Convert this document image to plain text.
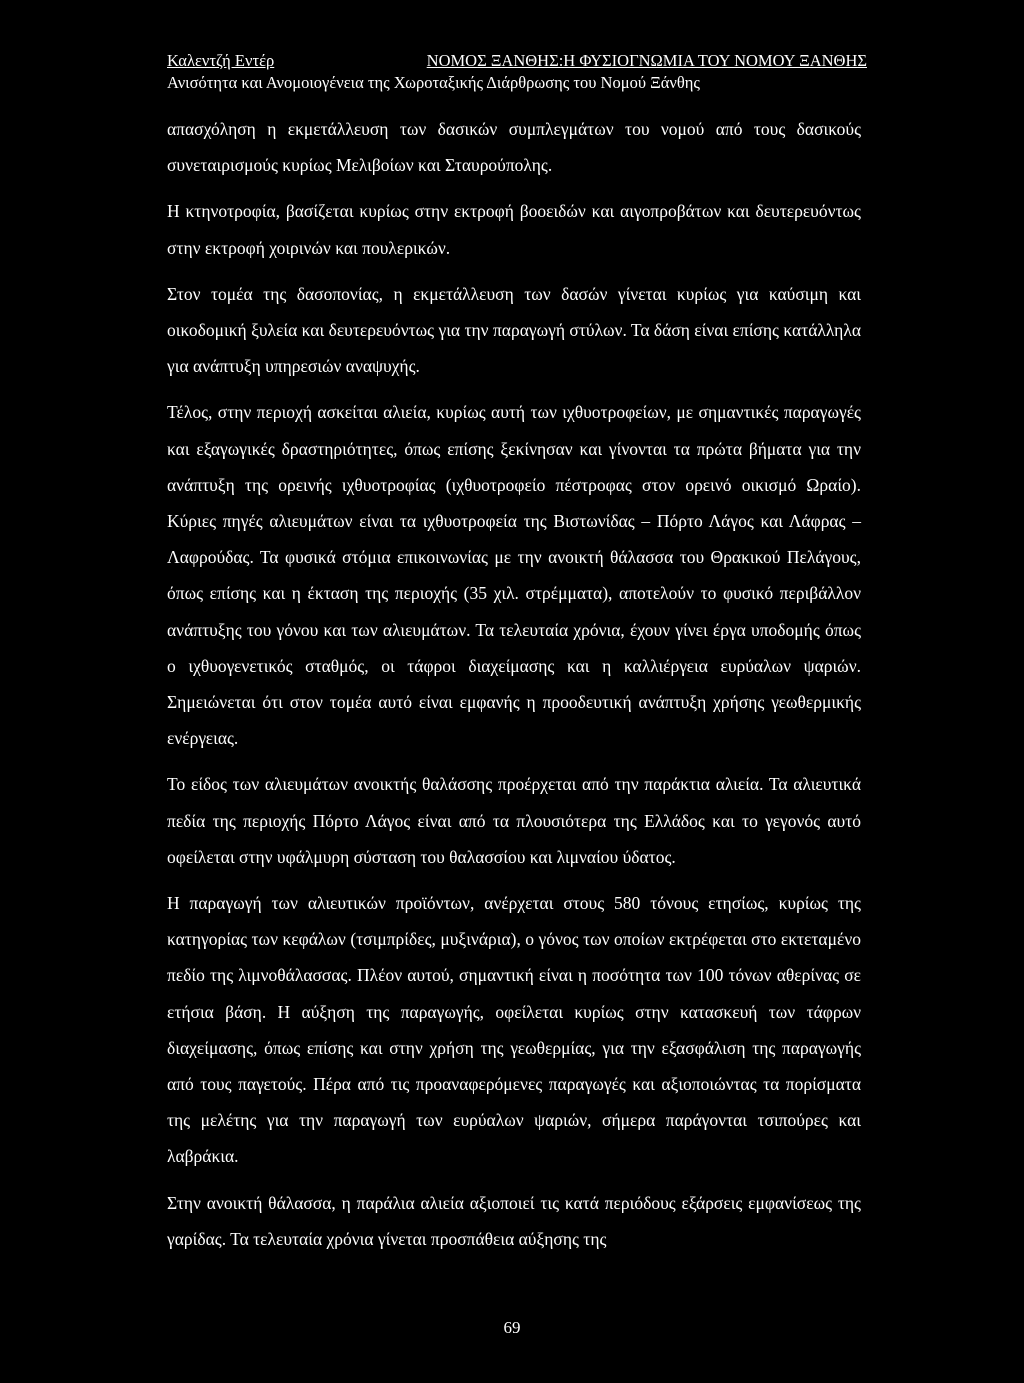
Καλεντζή Εντέρ	ΝΟΜΟΣ ΞΑΝΘΗΣ:Η ΦΥΣΙΟΓΝΩΜΙΑ ΤΟΥ ΝΟΜΟΥ ΞΑΝΘΗΣ
Ανισότητα και Ανομοιογένεια της Χωροταξικής Διάρθρωσης του Νομού Ξάνθης

απασχόληση η εκμετάλλευση των δασικών συμπλεγμάτων του νομού από τους δασικούς συνεταιρισμούς κυρίως Μελιβοίων και Σταυρούπολης.

Η κτηνοτροφία, βασίζεται κυρίως στην εκτροφή βοοειδών και αιγοπροβάτων και δευτερευόντως στην εκτροφή χοιρινών και πουλερικών.

Στον τομέα της δασοπονίας, η εκμετάλλευση των δασών γίνεται κυρίως για καύσιμη και οικοδομική ξυλεία και δευτερευόντως για την παραγωγή στύλων. Τα δάση είναι επίσης κατάλληλα για ανάπτυξη υπηρεσιών αναψυχής.

Τέλος, στην περιοχή ασκείται αλιεία, κυρίως αυτή των ιχθυοτροφείων, με σημαντικές παραγωγές και εξαγωγικές δραστηριότητες, όπως επίσης ξεκίνησαν και γίνονται τα πρώτα βήματα για την ανάπτυξη της ορεινής ιχθυοτροφίας (ιχθυοτροφείο πέστροφας στον ορεινό οικισμό Ωραίο). Κύριες πηγές αλιευμάτων είναι τα ιχθυοτροφεία της Βιστωνίδας – Πόρτο Λάγος και Λάφρας – Λαφρούδας. Τα φυσικά στόμια επικοινωνίας με την ανοικτή θάλασσα του Θρακικού Πελάγους, όπως επίσης και η έκταση της περιοχής (35 χιλ. στρέμματα), αποτελούν το φυσικό περιβάλλον ανάπτυξης του γόνου και των αλιευμάτων. Τα τελευταία χρόνια, έχουν γίνει έργα υποδομής όπως ο ιχθυογενετικός σταθμός, οι τάφροι διαχείμασης και η καλλιέργεια ευρύαλων ψαριών. Σημειώνεται ότι στον τομέα αυτό είναι εμφανής η προοδευτική ανάπτυξη χρήσης γεωθερμικής ενέργειας.

Το είδος των αλιευμάτων ανοικτής θαλάσσης προέρχεται από την παράκτια αλιεία. Τα αλιευτικά πεδία της περιοχής Πόρτο Λάγος είναι από τα πλουσιότερα της Ελλάδος και το γεγονός αυτό οφείλεται στην υφάλμυρη σύσταση του θαλασσίου και λιμναίου ύδατος.

Η παραγωγή των αλιευτικών προϊόντων, ανέρχεται στους 580 τόνους ετησίως, κυρίως της κατηγορίας των κεφάλων (τσιμπρίδες, μυξινάρια), ο γόνος των οποίων εκτρέφεται στο εκτεταμένο πεδίο της λιμνοθάλασσας. Πλέον αυτού, σημαντική είναι η ποσότητα των 100 τόνων αθερίνας σε ετήσια βάση. Η αύξηση της παραγωγής, οφείλεται κυρίως στην κατασκευή των τάφρων διαχείμασης, όπως επίσης και στην χρήση της γεωθερμίας, για την εξασφάλιση της παραγωγής από τους παγετούς. Πέρα από τις προαναφερόμενες παραγωγές και αξιοποιώντας τα πορίσματα της μελέτης για την παραγωγή των ευρύαλων ψαριών, σήμερα παράγονται τσιπούρες και λαβράκια.

Στην ανοικτή θάλασσα, η παράλια αλιεία αξιοποιεί τις κατά περιόδους εξάρσεις εμφανίσεως της γαρίδας. Τα τελευταία χρόνια γίνεται προσπάθεια αύξησης της

69
